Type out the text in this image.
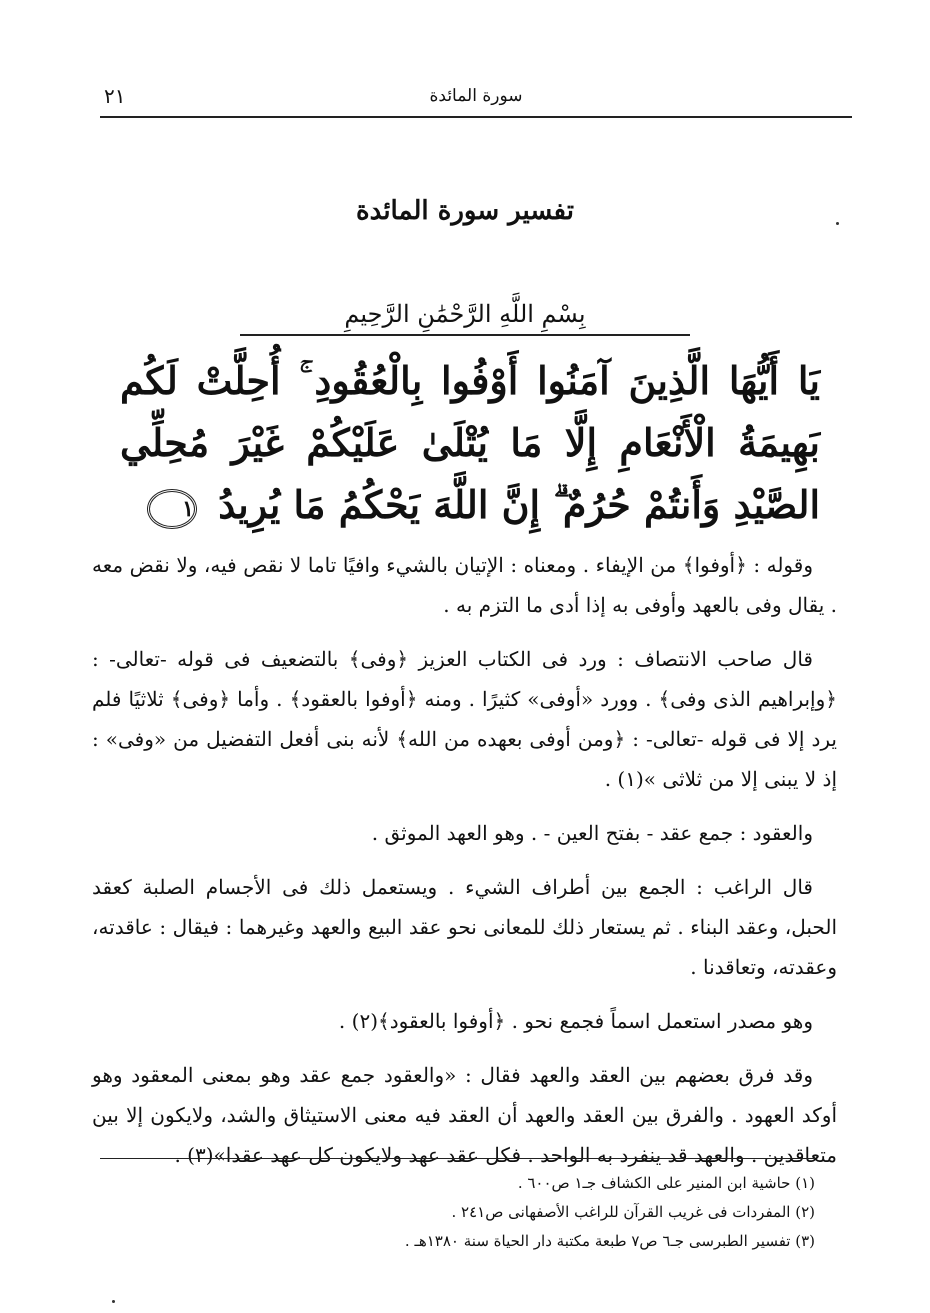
سورة المائدة
٢١
تفسير سورة المائدة
بِسْمِ اللَّهِ الرَّحْمَٰنِ الرَّحِيمِ
يَا أَيُّهَا الَّذِينَ آمَنُوا أَوْفُوا بِالْعُقُودِ ۚ أُحِلَّتْ لَكُم بَهِيمَةُ الْأَنْعَامِ إِلَّا مَا يُتْلَىٰ عَلَيْكُمْ غَيْرَ مُحِلِّي الصَّيْدِ وَأَنتُمْ حُرُمٌ ۗ إِنَّ اللَّهَ يَحْكُمُ مَا يُرِيدُ ١

وقوله : ﴿أوفوا﴾ من الإيفاء . ومعناه : الإتيان بالشيء وافيًا تاما لا نقص فيه، ولا نقض معه . يقال وفى بالعهد وأوفى به إذا أدى ما التزم به .

قال صاحب الانتصاف : ورد فى الكتاب العزيز ﴿وفى﴾ بالتضعيف فى قوله -تعالى- : ﴿وإبراهيم الذى وفى﴾ . وورد «أوفى» كثيرًا . ومنه ﴿أوفوا بالعقود﴾ . وأما ﴿وفى﴾ ثلاثيًا فلم يرد إلا فى قوله -تعالى- : ﴿ومن أوفى بعهده من الله﴾ لأنه بنى أفعل التفضيل من «وفى» : إذ لا يبنى إلا من ثلاثى »(١) .

والعقود : جمع عقد - بفتح العين - . وهو العهد الموثق .

قال الراغب : الجمع بين أطراف الشيء . ويستعمل ذلك فى الأجسام الصلبة كعقد الحبل، وعقد البناء . ثم يستعار ذلك للمعانى نحو عقد البيع والعهد وغيرهما : فيقال : عاقدته، وعقدته، وتعاقدنا .

وهو مصدر استعمل اسماً فجمع نحو . ﴿أوفوا بالعقود﴾(٢) .

وقد فرق بعضهم بين العقد والعهد فقال : «والعقود جمع عقد وهو بمعنى المعقود وهو أوكد العهود . والفرق بين العقد والعهد أن العقد فيه معنى الاستيثاق والشد، ولايكون إلا بين متعاقدين . والعهد قد ينفرد به الواحد . فكل عقد عهد ولايكون كل عهد عقدا»(٣) .

(١) حاشية ابن المنير على الكشاف جـ١ ص٦٠٠ .
(٢) المفردات فى غريب القرآن للراغب الأصفهانى ص٢٤١ .
(٣) تفسير الطبرسى جـ٦ ص٧ طبعة مكتبة دار الحياة سنة ١٣٨٠هـ .
